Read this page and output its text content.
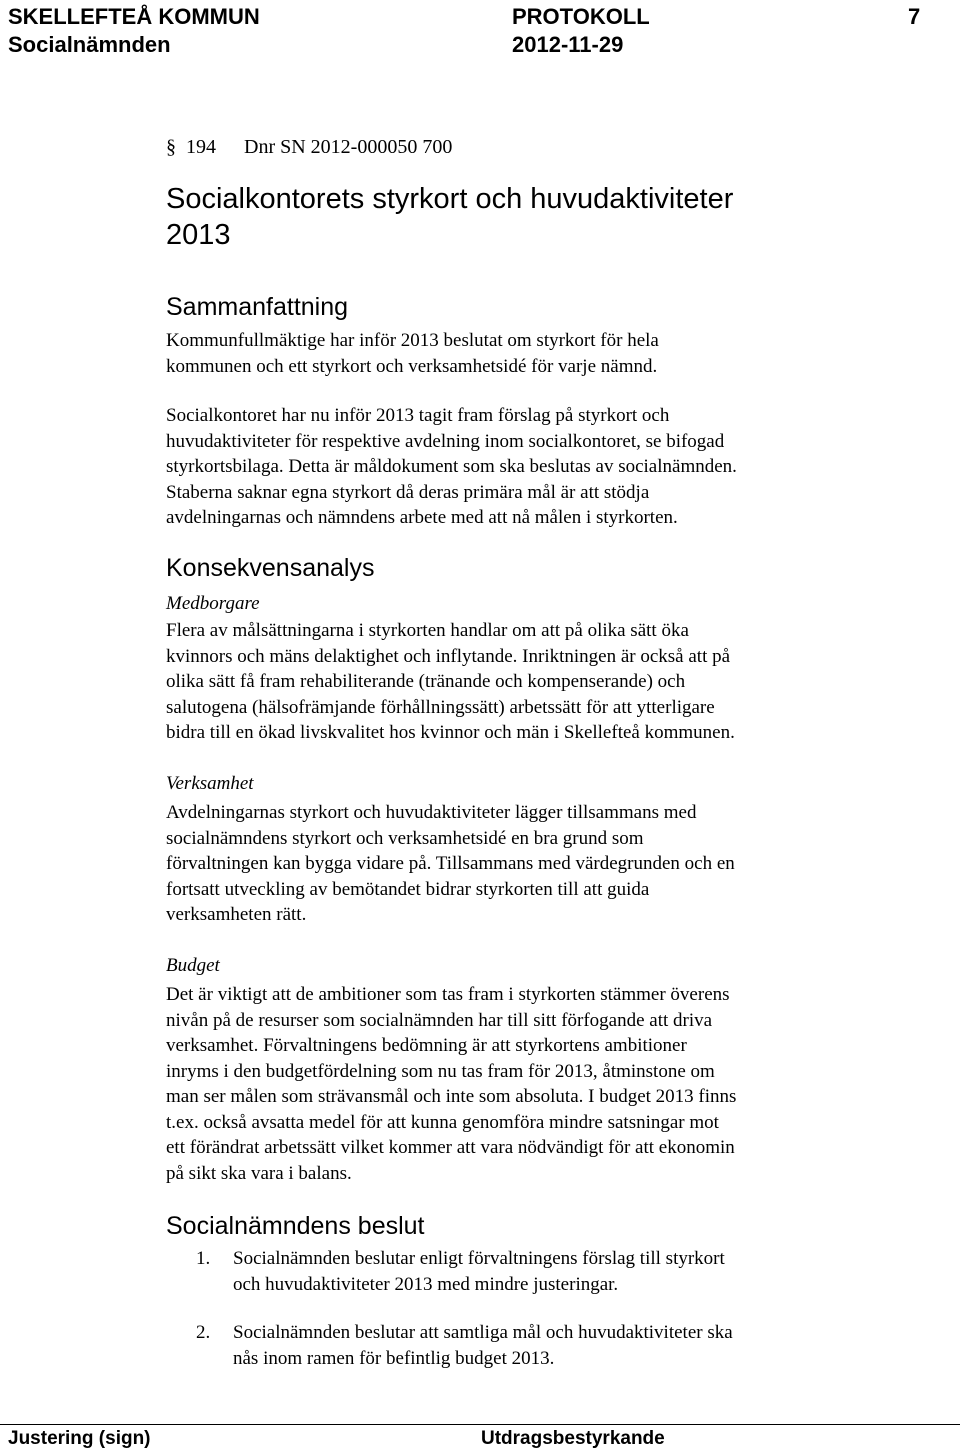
SKELLEFTEÅ KOMMUN	PROTOKOLL	7
Socialnämnden	2012-11-29
§ 194 Dnr SN 2012-000050 700
Socialkontorets styrkort och huvudaktiviteter
2013
Sammanfattning

Kommunfullmäktige har inför 2013 beslutat om styrkort för hela

kommunen och ett styrkort och verksamhetsidé för varje nämnd.

Socialkontoret har nu inför 2013 tagit fram förslag på styrkort och

huvudaktiviteter för respektive avdelning inom socialkontoret, se bifogad

styrkortsbilaga. Detta är måldokument som ska beslutas av socialnämnden.

Staberna saknar egna styrkort då deras primära mål är att stödja

avdelningarnas och nämndens arbete med att nå målen i styrkorten.

Konsekvensanalys
Medborgare

Flera av målsättningarna i styrkorten handlar om att på olika sätt öka

kvinnors och mäns delaktighet och inflytande. Inriktningen är också att på

olika sätt få fram rehabiliterande (tränande och kompenserande) och

salutogena (hälsofrämjande förhållningssätt) arbetssätt för att ytterligare

bidra till en ökad livskvalitet hos kvinnor och män i Skellefteå kommunen.

Verksamhet

Avdelningarnas styrkort och huvudaktiviteter lägger tillsammans med

socialnämndens styrkort och verksamhetsidé en bra grund som

förvaltningen kan bygga vidare på. Tillsammans med värdegrunden och en

fortsatt utveckling av bemötandet bidrar styrkorten till att guida

verksamheten rätt.

Budget

Det är viktigt att de ambitioner som tas fram i styrkorten stämmer överens

nivån på de resurser som socialnämnden har till sitt förfogande att driva

verksamhet. Förvaltningens bedömning är att styrkortens ambitioner

inryms i den budgetfördelning som nu tas fram för 2013, åtminstone om

man ser målen som strävansmål och inte som absoluta. I budget 2013 finns

t.ex. också avsatta medel för att kunna genomföra mindre satsningar mot

ett förändrat arbetssätt vilket kommer att vara nödvändigt för att ekonomin

på sikt ska vara i balans.

Socialnämndens beslut
1. Socialnämnden beslutar enligt förvaltningens förslag till styrkort

och huvudaktiviteter 2013 med mindre justeringar.

2. Socialnämnden beslutar att samtliga mål och huvudaktiviteter ska

nås inom ramen för befintlig budget 2013.

Justering (sign)	Utdragsbestyrkande
